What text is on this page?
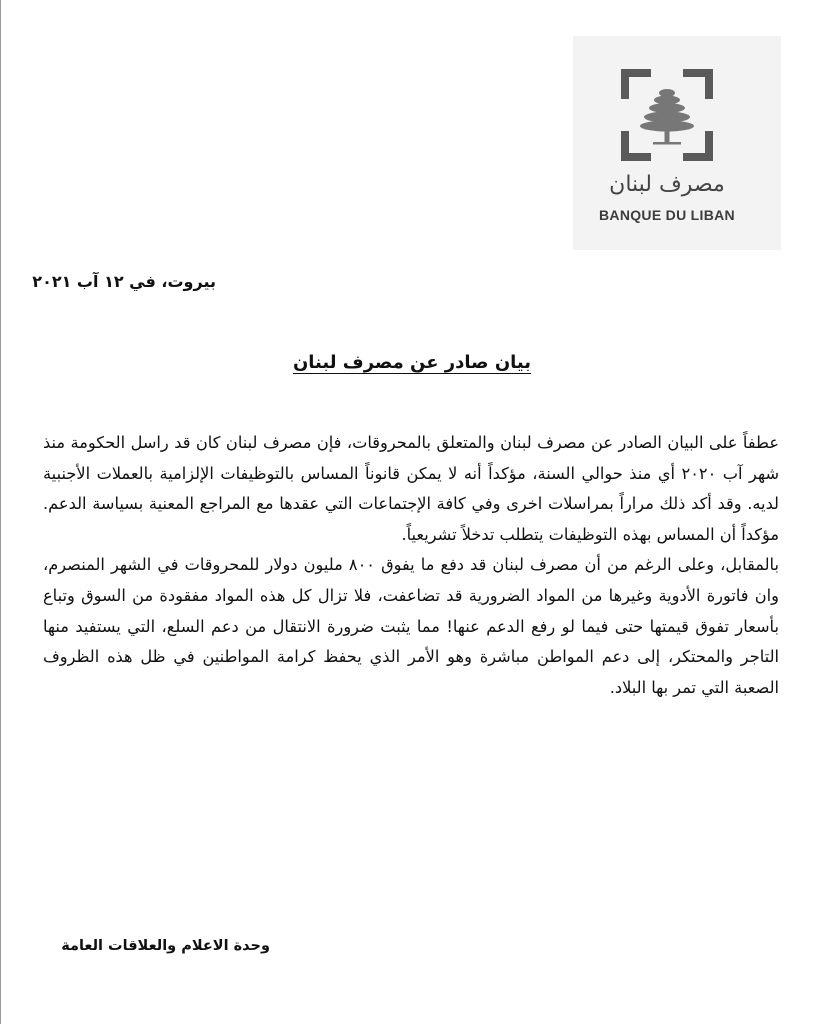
مصرف لبنان
BANQUE DU LIBAN
بيروت، في ١٢ آب ٢٠٢١
بيان صادر عن مصرف لبنان

عطفاً على البيان الصادر عن مصرف لبنان والمتعلق بالمحروقات، فإن مصرف لبنان كان قد راسل الحكومة منذ شهر آب ٢٠٢٠ أي منذ حوالي السنة، مؤكداً أنه لا يمكن قانوناً المساس بالتوظيفات الإلزامية بالعملات الأجنبية لديه. وقد أكد ذلك مراراً بمراسلات اخرى وفي كافة الإجتماعات التي عقدها مع المراجع المعنية بسياسة الدعم. مؤكداً أن المساس بهذه التوظيفات يتطلب تدخلاً تشريعياً.

بالمقابل، وعلى الرغم من أن مصرف لبنان قد دفع ما يفوق ٨٠٠ مليون دولار للمحروقات في الشهر المنصرم، وان فاتورة الأدوية وغيرها من المواد الضرورية قد تضاعفت، فلا تزال كل هذه المواد مفقودة من السوق وتباع بأسعار تفوق قيمتها حتى فيما لو رفع الدعم عنها! مما يثبت ضرورة الانتقال من دعم السلع، التي يستفيد منها التاجر والمحتكر، إلى دعم المواطن مباشرة وهو الأمر الذي يحفظ كرامة المواطنين في ظل هذه الظروف الصعبة التي تمر بها البلاد.

وحدة الاعلام والعلاقات العامة
